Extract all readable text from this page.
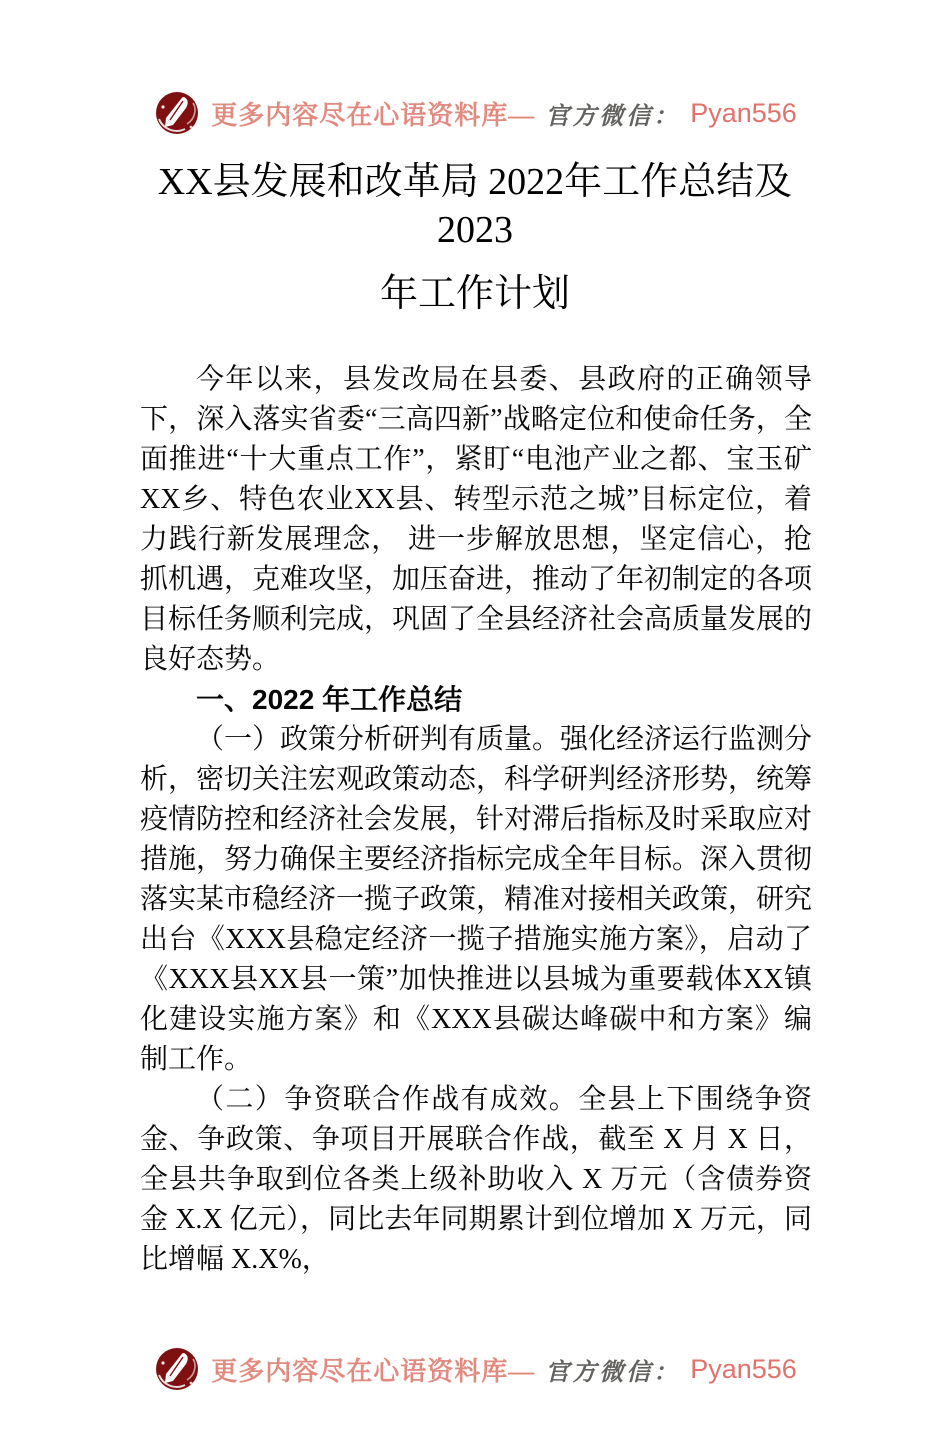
更多内容尽在心语资料库— 官方微信： Pyan556
XX县发展和改革局 2022年工作总结及
2023
年工作计划

今年以来，县发改局在县委、县政府的正确领导下，深入落实省委“三高四新”战略定位和使命任务，全面推进“十大重点工作”，紧盯“电池产业之都、宝玉矿XX乡、特色农业XX县、转型示范之城”目标定位，着力践行新发展理念， 进一步解放思想，坚定信心，抢抓机遇，克难攻坚，加压奋进，推动了年初制定的各项目标任务顺利完成，巩固了全县经济社会高质量发展的良好态势。

一、2022 年工作总结

（一）政策分析研判有质量。强化经济运行监测分析，密切关注宏观政策动态，科学研判经济形势，统筹疫情防控和经济社会发展，针对滞后指标及时采取应对措施，努力确保主要经济指标完成全年目标。深入贯彻落实某市稳经济一揽子政策，精准对接相关政策，研究出台《XXX县稳定经济一揽子措施实施方案》，启动了《XXX县XX县一策”加快推进以县城为重要载体XX镇化建设实施方案》和《XXX县碳达峰碳中和方案》编制工作。

（二）争资联合作战有成效。全县上下围绕争资金、争政策、争项目开展联合作战，截至 X 月 X 日，全县共争取到位各类上级补助收入 X 万元（含债券资金 X.X 亿元），同比去年同期累计到位增加 X 万元，同比增幅 X.X%，

更多内容尽在心语资料库— 官方微信： Pyan556
